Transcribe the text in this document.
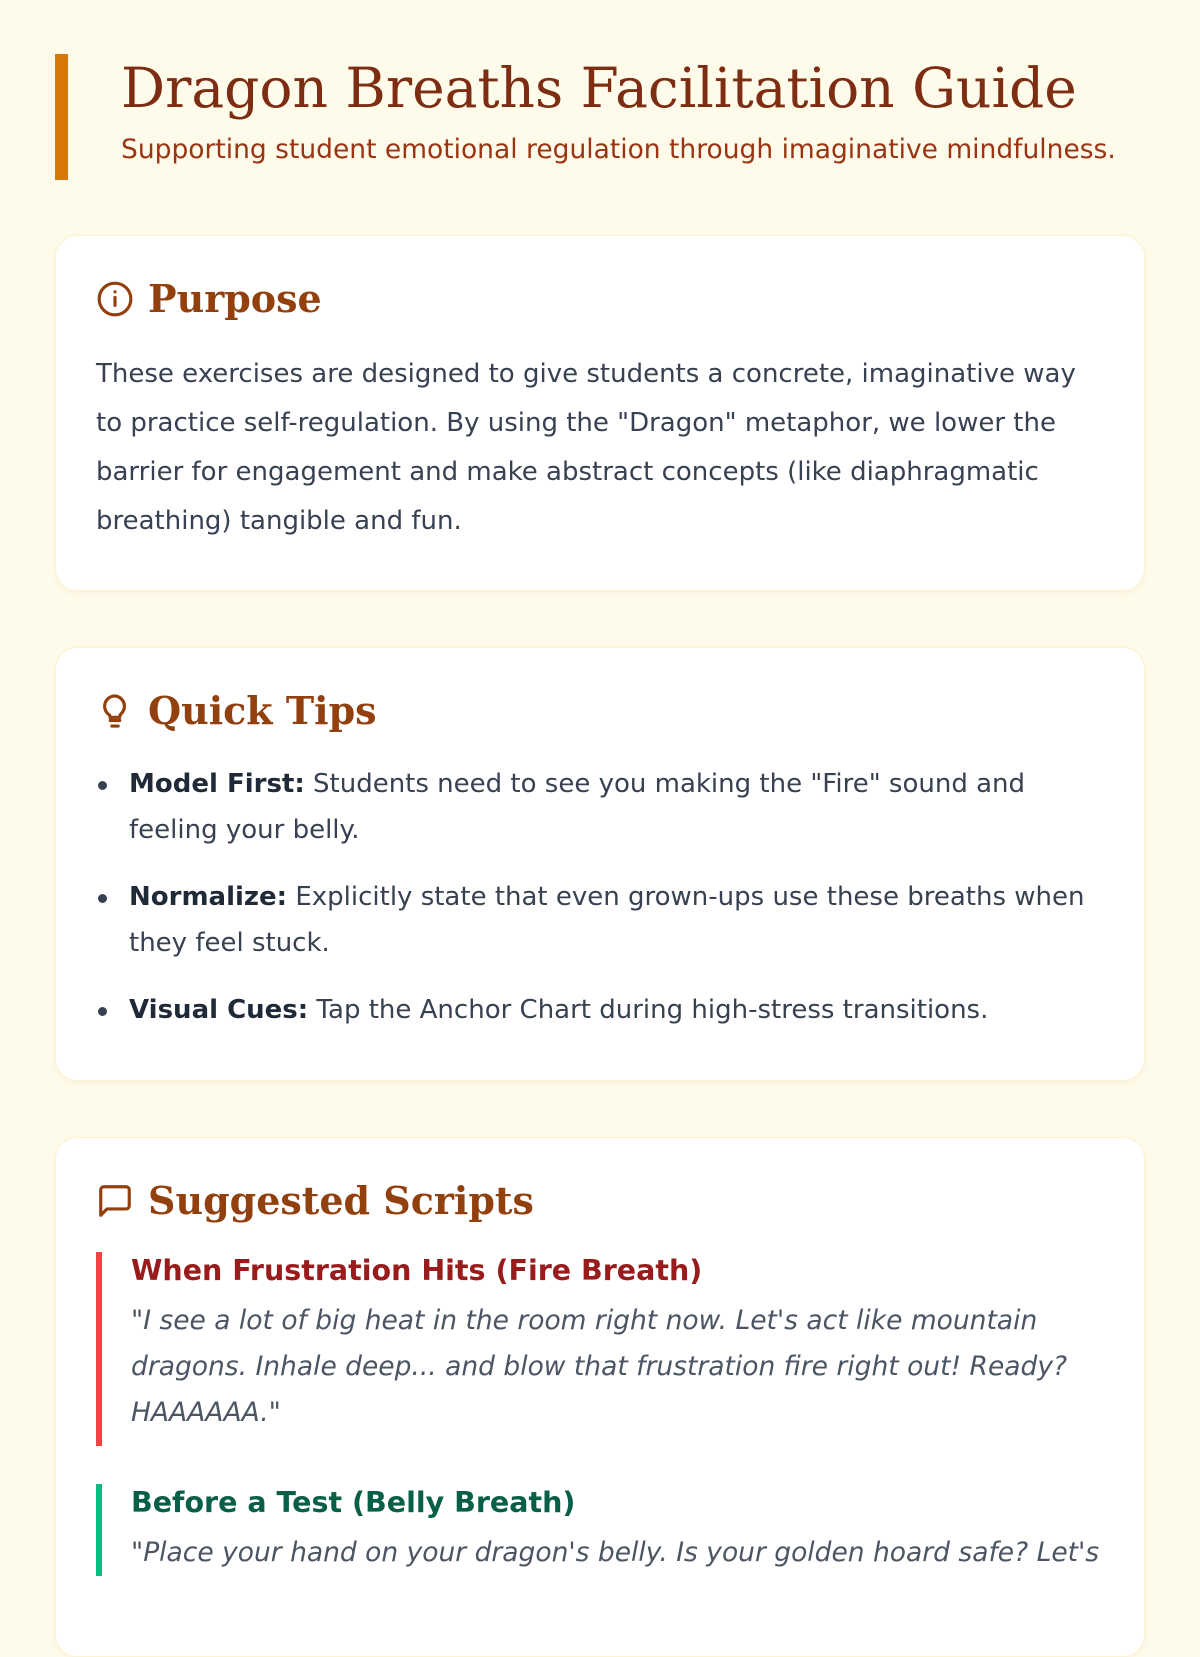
Dragon Breaths Facilitation Guide

Supporting student emotional regulation through imaginative mindfulness.

Purpose

These exercises are designed to give students a concrete, imaginative way to practice self-regulation. By using the "Dragon" metaphor, we lower the barrier for engagement and make abstract concepts (like diaphragmatic breathing) tangible and fun.

Quick Tips
Model First: Students need to see you making the "Fire" sound and feeling your belly.
Normalize: Explicitly state that even grown-ups use these breaths when they feel stuck.
Visual Cues: Tap the Anchor Chart during high-stress transitions.
Suggested Scripts
When Frustration Hits (Fire Breath)

"I see a lot of big heat in the room right now. Let's act like mountain dragons. Inhale deep... and blow that frustration fire right out! Ready? HAAAAAA."

Before a Test (Belly Breath)

"Place your hand on your dragon's belly. Is your golden hoard safe? Let's
